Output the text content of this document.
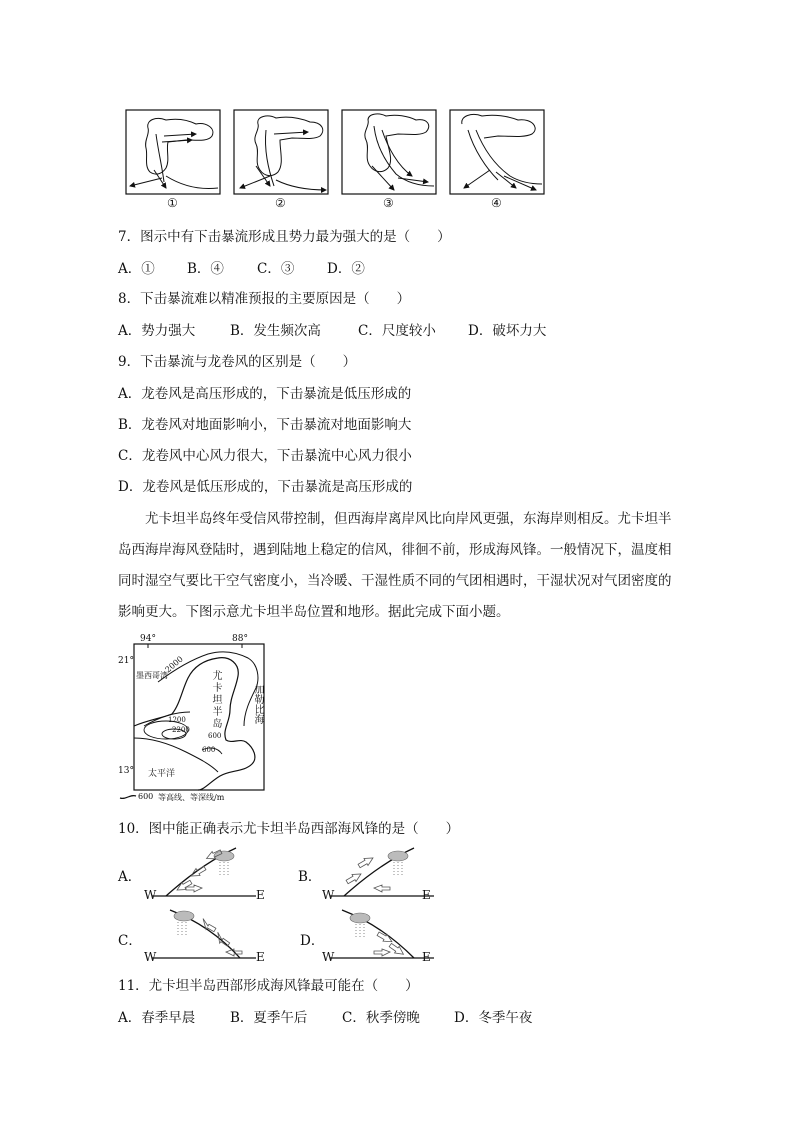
①	②	③	④
7．图示中有下击暴流形成且势力最为强大的是（　　）
A．① B．④ C．③ D．②
8．下击暴流难以精准预报的主要原因是（　　）
A．势力强大	B．发生频次高	C．尺度较小 D．破坏力大
9．下击暴流与龙卷风的区别是（　　）
A．龙卷风是高压形成的，下击暴流是低压形成的
B．龙卷风对地面影响小，下击暴流对地面影响大
C．龙卷风中心风力很大，下击暴流中心风力很小
D．龙卷风是低压形成的，下击暴流是高压形成的
尤卡坦半岛终年受信风带控制，但西海岸离岸风比向岸风更强，东海岸则相反。尤卡坦半岛西海岸海风登陆时，遇到陆地上稳定的信风，徘徊不前，形成海风锋。一般情况下，温度相同时湿空气要比干空气密度小，当冷暖、干湿性质不同的气团相遇时，干湿状况对气团密度的影响更大。下图示意尤卡坦半岛位置和地形。据此完成下面小题。
94°	88°
21°
13°
墨西哥湾
2000
尤卡坦半岛	加勒比海
1200
2200
600
600
太平洋
600 等高线、等深线/m
10．图中能正确表示尤卡坦半岛西部海风锋的是（　　）
A．
W	E
B．
W	E
C．
W	E
D．
W	E
11．尤卡坦半岛西部形成海风锋最可能在（　　）
A．春季早晨	B．夏季午后	C．秋季傍晚	D．冬季午夜
